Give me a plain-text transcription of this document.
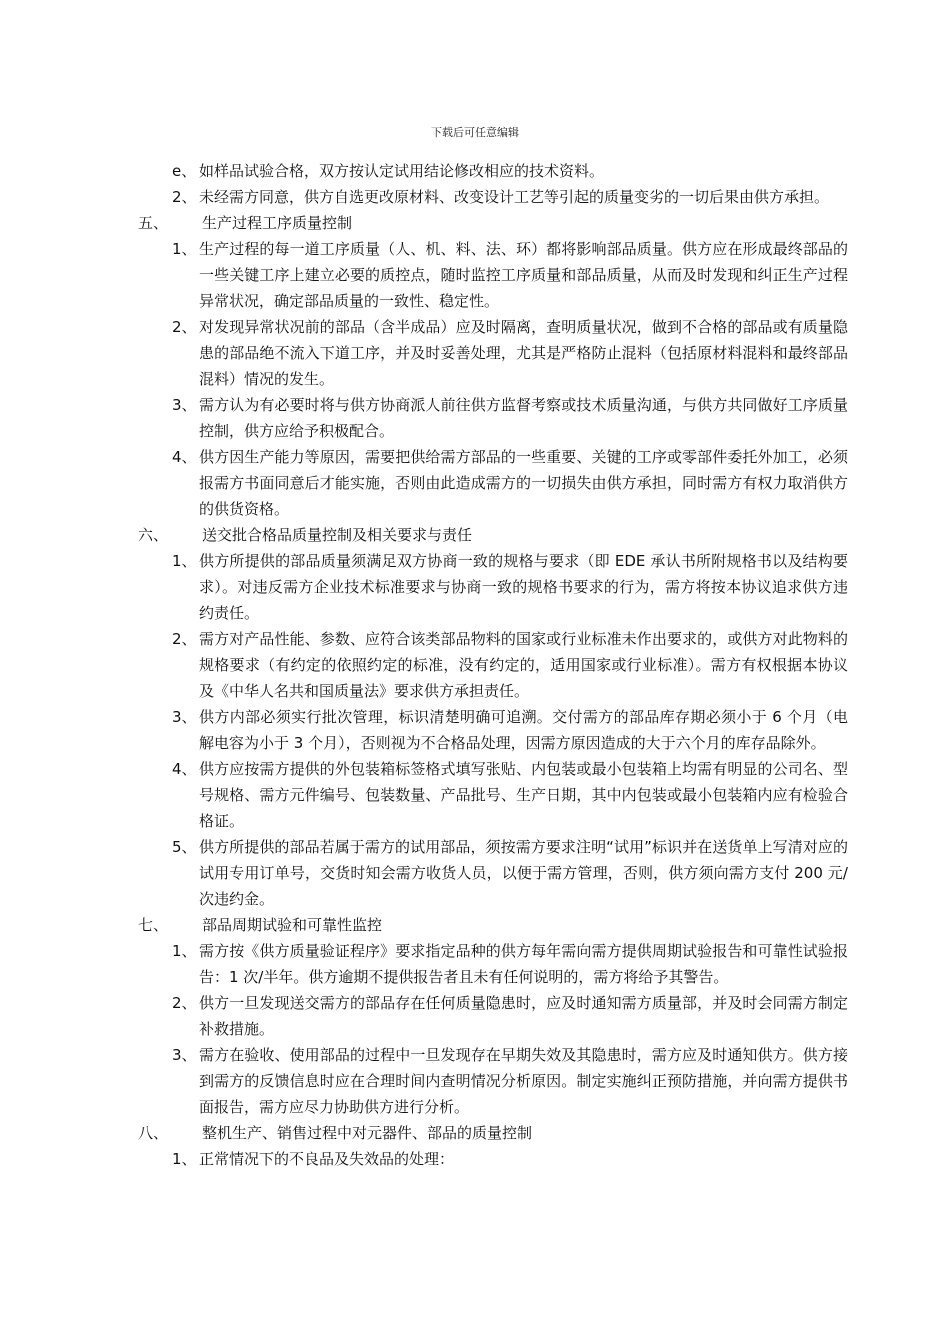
下载后可任意编辑
e、 如样品试验合格，双方按认定试用结论修改相应的技术资料。
2、 未经需方同意，供方自选更改原材料、改变设计工艺等引起的质量变劣的一切后果由供方承担。
五、	生产过程工序质量控制
1、 生产过程的每一道工序质量（人、机、料、法、环）都将影响部品质量。供方应在形成最终部品的一些关键工序上建立必要的质控点，随时监控工序质量和部品质量，从而及时发现和纠正生产过程异常状况，确定部品质量的一致性、稳定性。
2、 对发现异常状况前的部品（含半成品）应及时隔离，查明质量状况，做到不合格的部品或有质量隐患的部品绝不流入下道工序，并及时妥善处理，尤其是严格防止混料（包括原材料混料和最终部品混料）情况的发生。
3、 需方认为有必要时将与供方协商派人前往供方监督考察或技术质量沟通，与供方共同做好工序质量控制，供方应给予积极配合。
4、 供方因生产能力等原因，需要把供给需方部品的一些重要、关键的工序或零部件委托外加工，必须报需方书面同意后才能实施，否则由此造成需方的一切损失由供方承担，同时需方有权力取消供方的供货资格。
六、	送交批合格品质量控制及相关要求与责任
1、 供方所提供的部品质量须满足双方协商一致的规格与要求（即 EDE 承认书所附规格书以及结构要求）。对违反需方企业技术标准要求与协商一致的规格书要求的行为，需方将按本协议追求供方违约责任。
2、 需方对产品性能、参数、应符合该类部品物料的国家或行业标准未作出要求的，或供方对此物料的规格要求（有约定的依照约定的标准，没有约定的，适用国家或行业标准）。需方有权根据本协议及《中华人名共和国质量法》要求供方承担责任。
3、 供方内部必须实行批次管理，标识清楚明确可追溯。交付需方的部品库存期必须小于 6 个月（电解电容为小于 3 个月），否则视为不合格品处理，因需方原因造成的大于六个月的库存品除外。
4、 供方应按需方提供的外包装箱标签格式填写张贴、内包装或最小包装箱上均需有明显的公司名、型号规格、需方元件编号、包装数量、产品批号、生产日期，其中内包装或最小包装箱内应有检验合格证。
5、 供方所提供的部品若属于需方的试用部品，须按需方要求注明“试用”标识并在送货单上写清对应的试用专用订单号，交货时知会需方收货人员，以便于需方管理，否则，供方须向需方支付 200 元/次违约金。
七、	部品周期试验和可靠性监控
1、 需方按《供方质量验证程序》要求指定品种的供方每年需向需方提供周期试验报告和可靠性试验报告：1 次/半年。供方逾期不提供报告者且未有任何说明的，需方将给予其警告。
2、 供方一旦发现送交需方的部品存在任何质量隐患时，应及时通知需方质量部，并及时会同需方制定补救措施。
3、 需方在验收、使用部品的过程中一旦发现存在早期失效及其隐患时，需方应及时通知供方。供方接到需方的反馈信息时应在合理时间内查明情况分析原因。制定实施纠正预防措施，并向需方提供书面报告，需方应尽力协助供方进行分析。
八、	整机生产、销售过程中对元器件、部品的质量控制
1、 正常情况下的不良品及失效品的处理：
